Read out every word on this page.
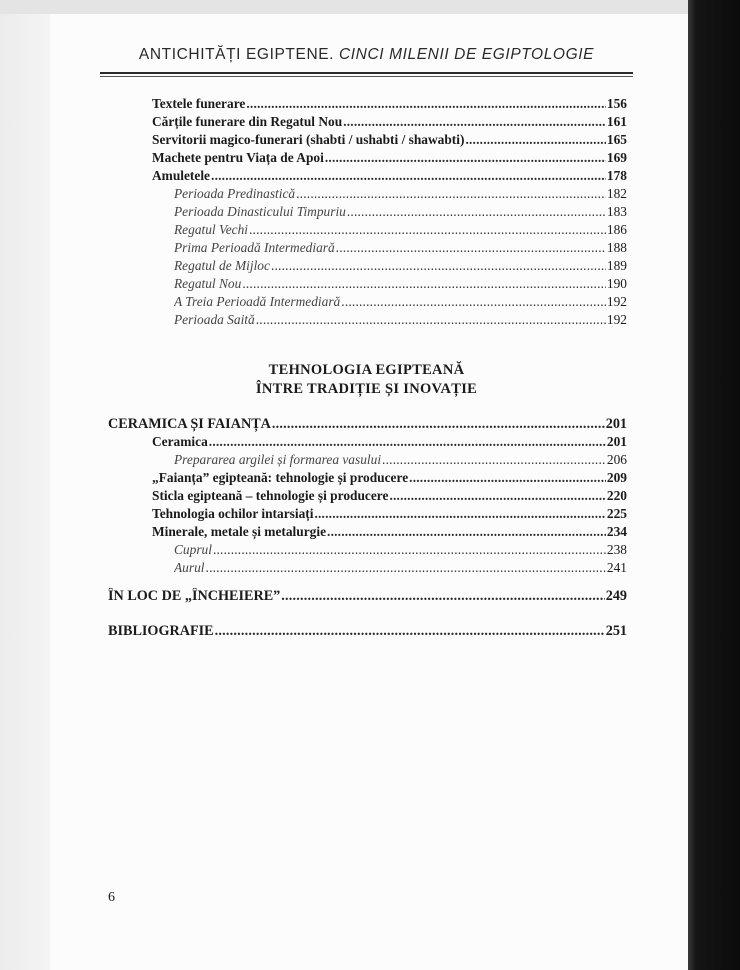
ANTICHITĂȚI EGIPTENE. CINCI MILENII DE EGIPTOLOGIE
Textele funerare .....	156
Cărțile funerare din Regatul Nou .....	161
Servitorii magico-funerari (shabti / ushabti / shawabti) .....	165
Machete pentru Viața de Apoi .....	169
Amuletele .....	178
Perioada Predinastică .....	182
Perioada Dinasticului Timpuriu .....	183
Regatul Vechi .....	186
Prima Perioadă Intermediară .....	188
Regatul de Mijloc .....	189
Regatul Nou .....	190
A Treia Perioadă Intermediară .....	192
Perioada Saită .....	192
TEHNOLOGIA EGIPTEANĂ
ÎNTRE TRADIȚIE ȘI INOVAȚIE
CERAMICA ȘI FAIANȚA .....	201
Ceramica .....	201
Prepararea argilei și formarea vasului .....	206
„Faianța” egipteană: tehnologie și producere .....	209
Sticla egipteană – tehnologie și producere .....	220
Tehnologia ochilor intarsiați .....	225
Minerale, metale și metalurgie .....	234
Cuprul .....	238
Aurul .....	241
ÎN LOC DE „ÎNCHEIERE” .....	249
BIBLIOGRAFIE .....	251
6
